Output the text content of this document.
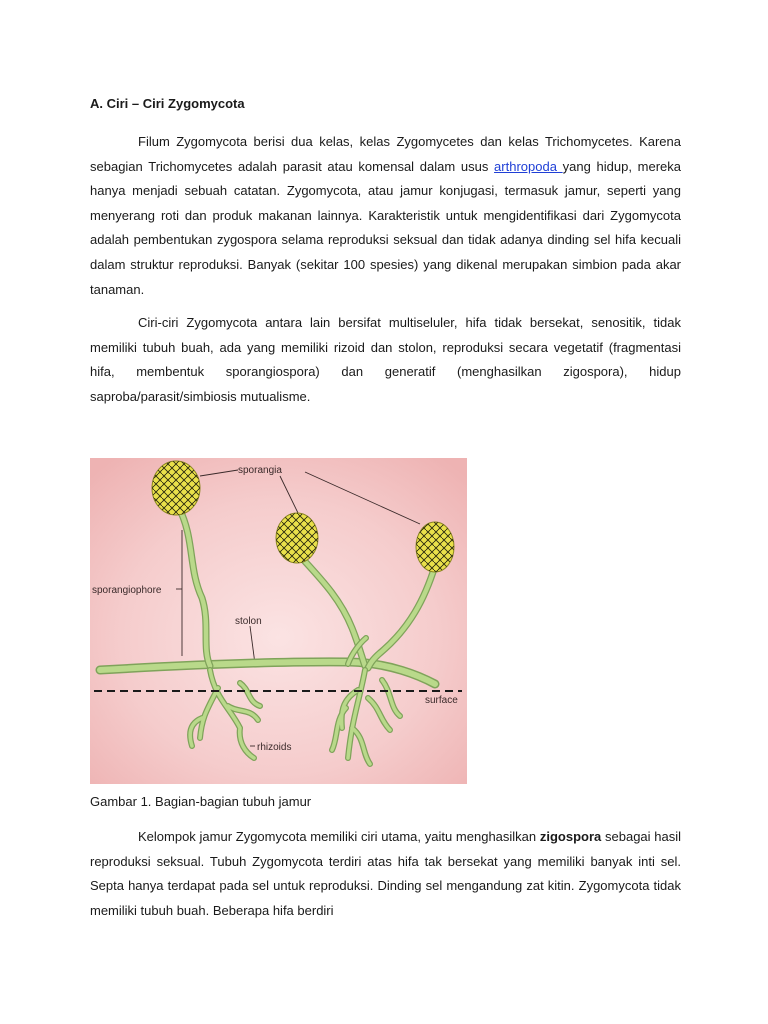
A. Ciri – Ciri Zygomycota

Filum Zygomycota berisi dua kelas, kelas Zygomycetes dan kelas Trichomycetes. Karena sebagian Trichomycetes adalah parasit atau komensal dalam usus arthropoda yang hidup, mereka hanya menjadi sebuah catatan. Zygomycota, atau jamur konjugasi, termasuk jamur, seperti yang menyerang roti dan produk makanan lainnya. Karakteristik untuk mengidentifikasi dari Zygomycota adalah pembentukan zygospora selama reproduksi seksual dan tidak adanya dinding sel hifa kecuali dalam struktur reproduksi. Banyak (sekitar 100 spesies) yang dikenal merupakan simbion pada akar tanaman.

Ciri-ciri Zygomycota antara lain bersifat multiseluler, hifa tidak bersekat, senositik, tidak memiliki tubuh buah, ada yang memiliki rizoid dan stolon, reproduksi secara vegetatif (fragmentasi hifa, membentuk sporangiospora) dan generatif (menghasilkan zigospora), hidup saproba/parasit/simbiosis mutualisme.

sporangia
sporangiophore
stolon
surface
rhizoids

Gambar 1. Bagian-bagian tubuh jamur

Kelompok jamur Zygomycota memiliki ciri utama, yaitu menghasilkan zigospora sebagai hasil reproduksi seksual. Tubuh Zygomycota terdiri atas hifa tak bersekat yang memiliki banyak inti sel. Septa hanya terdapat pada sel untuk reproduksi. Dinding sel mengandung zat kitin. Zygomycota tidak memiliki tubuh buah. Beberapa hifa berdiri
